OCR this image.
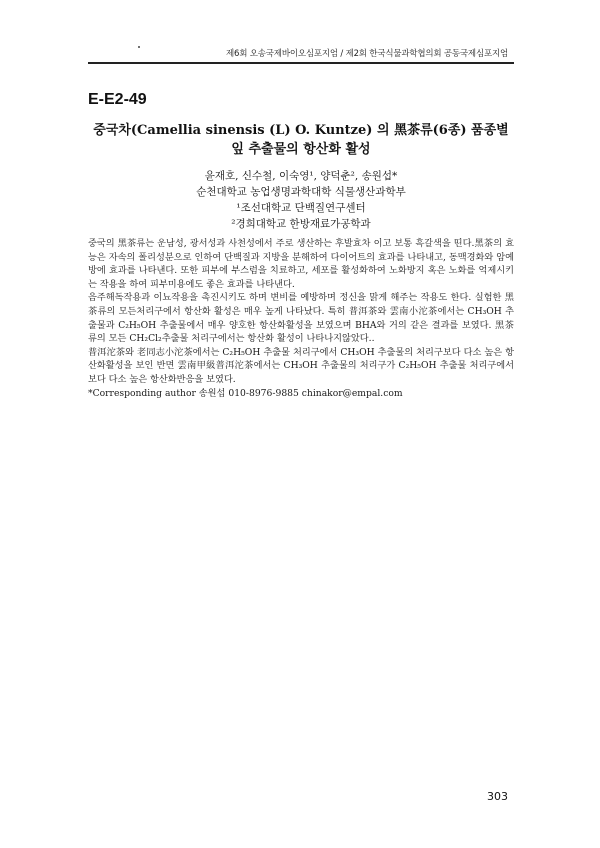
제6회 오송국제바이오심포지엄 / 제2회 한국식물과학협의회 공동국제심포지엄
E-E2-49
중국차(Camellia sinensis (L) O. Kuntze) 의 黑茶류(6종) 품종별
잎 추출물의 항산화 활성
윤재호, 신수철, 이숙영¹, 양덕춘², 송원섭*
순천대학교 농업생명과학대학 식물생산과학부
¹조선대학교 단백질연구센터
²경희대학교 한방재료가공학과

중국의 黑茶류는 운남성, 광서성과 사천성에서 주로 생산하는 후발효차 이고 보통 흑갈색을 띤다.黑茶의 효능은 자속의 폴리성분으로 인하여 단백질과 지방을 분해하여 다이어트의 효과를 나타내고, 동맥경화와 암예방에 효과를 나타낸다. 또한 피부에 부스럼을 치료하고, 세포를 활성화하여 노화방지 혹은 노화를 억제시키는 작용을 하여 피부미용에도 좋은 효과를 나타낸다.

음주해독작용과 이뇨작용을 촉진시키도 하며 변비를 예방하며 정신을 맑게 해주는 작용도 한다. 실험한 黑茶류의 모든처리구에서 항산화 활성은 매우 높게 나타났다. 특히 普洱茶와 雲南小沱茶에서는 CH₃OH 추출물과 C₂H₅OH 추출물에서 매우 양호한 항산화활성을 보였으며 BHA와 거의 같은 결과를 보였다. 黑茶류의 모든 CH₂Cl₂추출물 처리구에서는 항산화 활성이 나타나지않았다..

普洱沱茶와 老同志小沱茶에서는 C₂H₅OH 추출물 처리구에서 CH₃OH 추출물의 처리구보다 다소 높은 항산화활성을 보인 반면 雲南甲級普洱沱茶에서는 CH₃OH 추출물의 처리구가 C₂H₅OH 추출물 처리구에서 보다 다소 높은 항산화반응을 보였다.

*Corresponding author 송원섭 010-8976-9885 chinakor@empal.com

303
